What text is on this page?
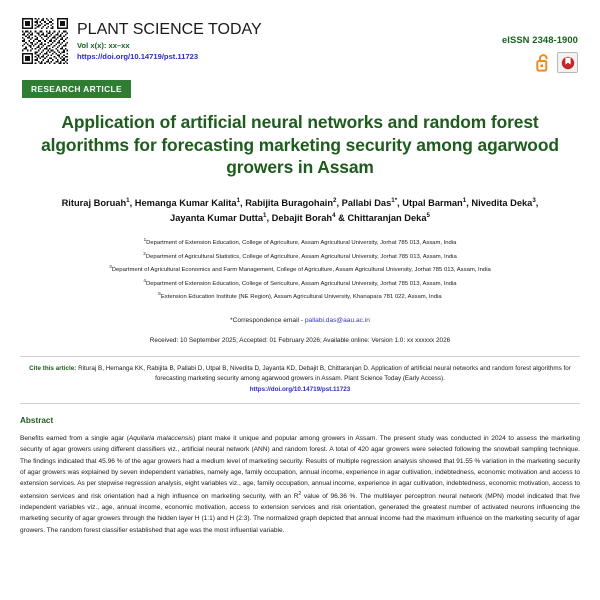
PLANT SCIENCE TODAY
Vol x(x): xx–xx
https://doi.org/10.14719/pst.11723
eISSN 2348-1900
RESEARCH ARTICLE
Application of artificial neural networks and random forest algorithms for forecasting marketing security among agarwood growers in Assam
Rituraj Boruah$^1$, Hemanga Kumar Kalita$^1$, Rabijita Buragohain$^2$, Pallabi Das$^{1*}$, Utpal Barman$^1$, Nivedita Deka$^3$,
Jayanta Kumar Dutta$^1$, Debajit Borah$^4$ & Chittaranjan Deka$^5$
$^1$Department of Extension Education, College of Agriculture, Assam Agricultural University, Jorhat 785 013, Assam, India
$^2$Department of Agricultural Statistics, College of Agriculture, Assam Agricultural University, Jorhat 785 013, Assam, India
$^3$Department of Agricultural Economics and Farm Management, College of Agriculture, Assam Agricultural University, Jorhat 785 013, Assam, India
$^4$Department of Extension Education, College of Sericulture, Assam Agricultural University, Jorhat 785 013, Assam, India
$^5$Extension Education Institute (NE Region), Assam Agricultural University, Khanapara 781 022, Assam, India
*Correspondence email - pallabi.das@aau.ac.in
Received: 10 September 2025; Accepted: 01 February 2026; Available online: Version 1.0: xx xxxxxx 2026
Cite this article: Rituraj B, Hemanga KK, Rabijita B, Pallabi D, Utpal B, Nivedita D, Jayanta KD, Debajit B, Chittaranjan D. Application of artificial neural networks and random forest algorithms for forecasting marketing security among agarwood growers in Assam. Plant Science Today (Early Access).
https://doi.org/10.14719/pst.11723
Abstract
Benefits earned from a single agar (Aquilaria malaccensis) plant make it unique and popular among growers in Assam. The present study was conducted in 2024 to assess the marketing security of agar growers using different classifiers viz., artificial neural network (ANN) and random forest. A total of 420 agar growers were selected following the snowball sampling technique. The findings indicated that 45.96 % of the agar growers had a medium level of marketing security. Results of multiple regression analysis showed that 91.55 % variation in the marketing security of agar growers was explained by seven independent variables, namely age, family occupation, annual income, experience in agar cultivation, indebtedness, economic motivation and access to extension services. As per stepwise regression analysis, eight variables viz., age, family occupation, annual income, experience in agar cultivation, indebtedness, economic motivation, access to extension services and risk orientation had a high influence on marketing security, with an $R^2$ value of 96.36 %. The multilayer perceptron neural network (MPN) model indicated that five independent variables viz., age, annual income, economic motivation, access to extension services and risk orientation, generated the greatest number of activated neurons influencing the marketing security of agar growers through the hidden layer H (1:1) and H (2:3). The normalized graph depicted that annual income had the maximum influence on the marketing security of agar growers. The random forest classifier established that age was the most influential variable.
